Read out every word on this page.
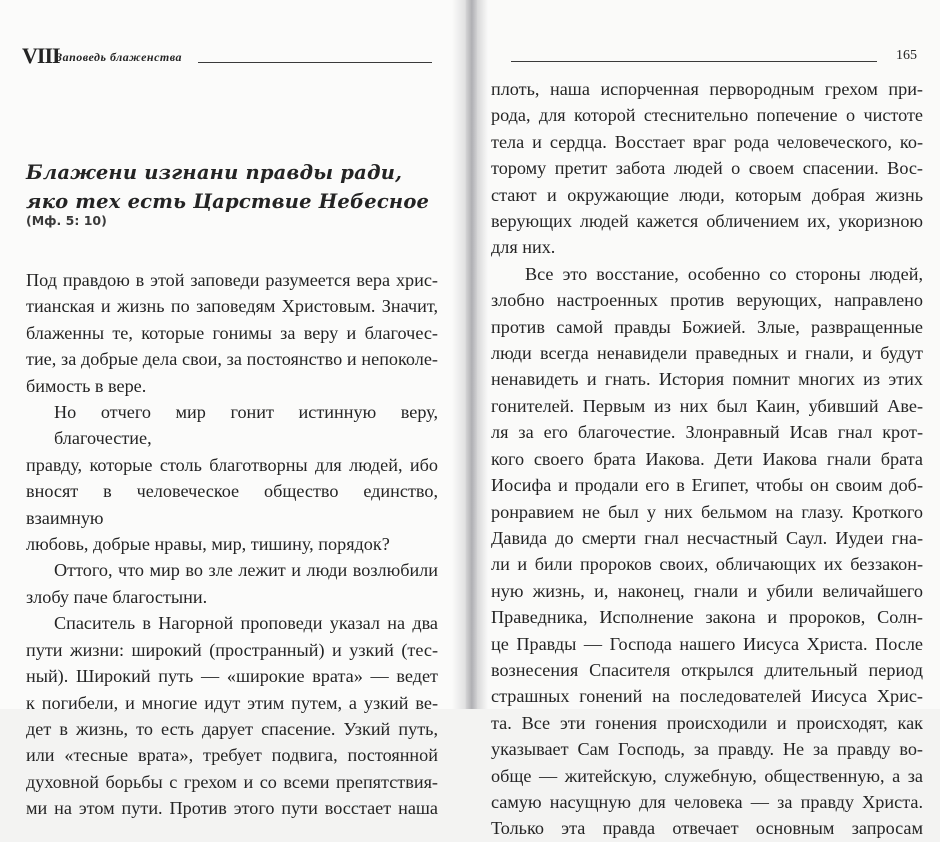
VIII
Заповедь блаженства
Блажени изгнани правды ради,
яко тех есть Царствие Небесное
(Мф. 5: 10)
Под правдою в этой заповеди разумеется вера хрис-
тианская и жизнь по заповедям Христовым. Значит,
блаженны те, которые гонимы за веру и благочес-
тие, за добрые дела свои, за постоянство и непоколе-
бимость в вере.
Но отчего мир гонит истинную веру, благочестие,
правду, которые столь благотворны для людей, ибо
вносят в человеческое общество единство, взаимную
любовь, добрые нравы, мир, тишину, порядок?
Оттого, что мир во зле лежит и люди возлюбили
злобу паче благостыни.
Спаситель в Нагорной проповеди указал на два
пути жизни: широкий (пространный) и узкий (тес-
ный). Широкий путь — «широкие врата» — ведет
к погибели, и многие идут этим путем, а узкий ве-
дет в жизнь, то есть дарует спасение. Узкий путь,
или «тесные врата», требует подвига, постоянной
духовной борьбы с грехом и со всеми препятствия-
ми на этом пути. Против этого пути восстает наша
165
плоть, наша испорченная первородным грехом при-
рода, для которой стеснительно попечение о чистоте
тела и сердца. Восстает враг рода человеческого, ко-
торому претит забота людей о своем спасении. Вос-
стают и окружающие люди, которым добрая жизнь
верующих людей кажется обличением их, укоризною
для них.
Все это восстание, особенно со стороны людей,
злобно настроенных против верующих, направлено
против самой правды Божией. Злые, развращенные
люди всегда ненавидели праведных и гнали, и будут
ненавидеть и гнать. История помнит многих из этих
гонителей. Первым из них был Каин, убивший Аве-
ля за его благочестие. Злонравный Исав гнал крот-
кого своего брата Иакова. Дети Иакова гнали брата
Иосифа и продали его в Египет, чтобы он своим доб-
ронравием не был у них бельмом на глазу. Кроткого
Давида до смерти гнал несчастный Саул. Иудеи гна-
ли и били пророков своих, обличающих их беззакон-
ную жизнь, и, наконец, гнали и убили величайшего
Праведника, Исполнение закона и пророков, Солн-
це Правды — Господа нашего Иисуса Христа. После
вознесения Спасителя открылся длительный период
страшных гонений на последователей Иисуса Хрис-
та. Все эти гонения происходили и происходят, как
указывает Сам Господь, за правду. Не за правду во-
обще — житейскую, служебную, общественную, а за
самую насущную для человека — за правду Христа.
Только эта правда отвечает основным запросам
